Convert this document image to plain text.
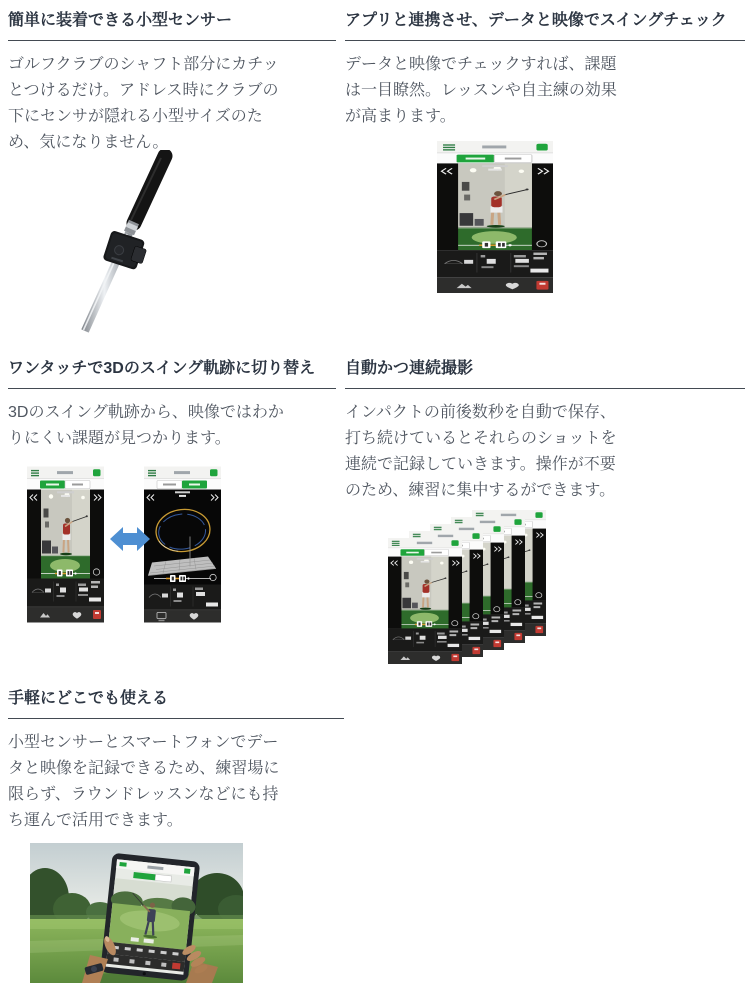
簡単に装着できる小型センサー

ゴルフクラブのシャフト部分にカチッとつけるだけ。アドレス時にクラブの下にセンサが隠れる小型サイズのため、気になりません。

アプリと連携させ、データと映像でスイングチェック

データと映像でチェックすれば、課題は一目瞭然。レッスンや自主練の効果が高まります。

ワンタッチで3Dのスイング軌跡に切り替え

3Dのスイング軌跡から、映像ではわかりにくい課題が見つかります。

自動かつ連続撮影

インパクトの前後数秒を自動で保存、打ち続けているとそれらのショットを連続で記録していきます。操作が不要のため、練習に集中するができます。

手軽にどこでも使える

小型センサーとスマートフォンでデータと映像を記録できるため、練習場に限らず、ラウンドレッスンなどにも持ち運んで活用できます。
